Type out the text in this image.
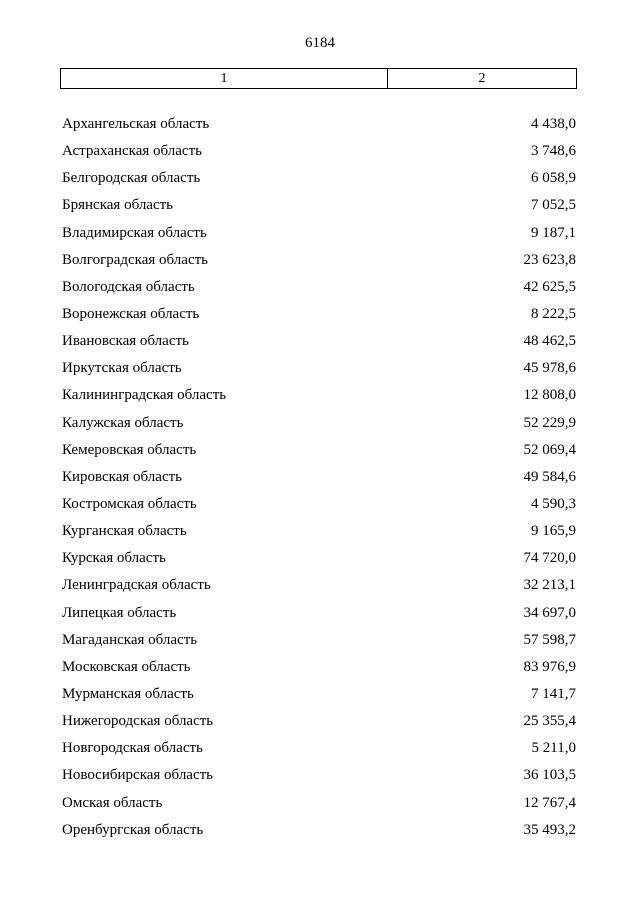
6184
1	2
Архангельская область	4 438,0
Астраханская область	3 748,6
Белгородская область	6 058,9
Брянская область	7 052,5
Владимирская область	9 187,1
Волгоградская область	23 623,8
Вологодская область	42 625,5
Воронежская область	8 222,5
Ивановская область	48 462,5
Иркутская область	45 978,6
Калининградская область	12 808,0
Калужская область	52 229,9
Кемеровская область	52 069,4
Кировская область	49 584,6
Костромская область	4 590,3
Курганская область	9 165,9
Курская область	74 720,0
Ленинградская область	32 213,1
Липецкая область	34 697,0
Магаданская область	57 598,7
Московская область	83 976,9
Мурманская область	7 141,7
Нижегородская область	25 355,4
Новгородская область	5 211,0
Новосибирская область	36 103,5
Омская область	12 767,4
Оренбургская область	35 493,2
